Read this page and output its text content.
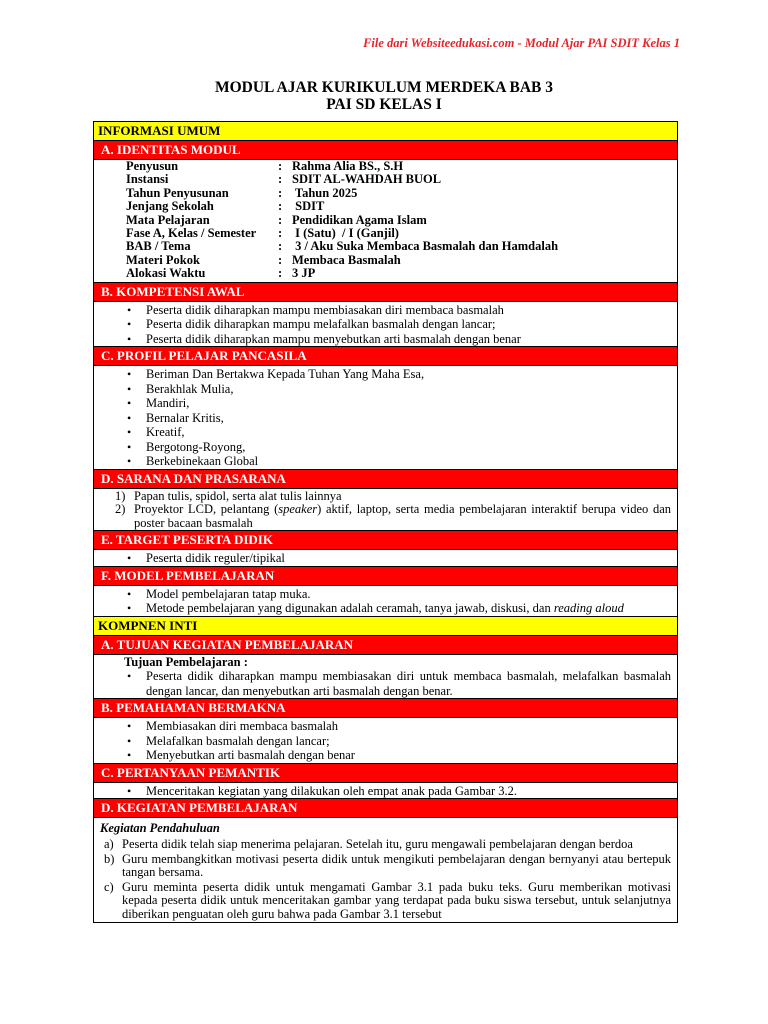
File dari Websiteedukasi.com - Modul Ajar PAI SDIT Kelas 1
MODUL AJAR KURIKULUM MERDEKA BAB 3
PAI SD KELAS I
INFORMASI UMUM
A. IDENTITAS MODUL
Penyusun	: Rahma Alia BS., S.H
Instansi	: SDIT AL-WAHDAH BUOL
Tahun Penyusunan	: Tahun 2025
Jenjang Sekolah	: SDIT
Mata Pelajaran	: Pendidikan Agama Islam
Fase A, Kelas / Semester	: I (Satu)  / I (Ganjil)
BAB / Tema	: 3 / Aku Suka Membaca Basmalah dan Hamdalah
Materi Pokok	: Membaca Basmalah
Alokasi Waktu	: 3 JP
B. KOMPETENSI AWAL
• Peserta didik diharapkan mampu membiasakan diri membaca basmalah
• Peserta didik diharapkan mampu melafalkan basmalah dengan lancar;
• Peserta didik diharapkan mampu menyebutkan arti basmalah dengan benar
C. PROFIL PELAJAR PANCASILA
• Beriman Dan Bertakwa Kepada Tuhan Yang Maha Esa,
• Berakhlak Mulia,
• Mandiri,
• Bernalar Kritis,
• Kreatif,
• Bergotong-Royong,
• Berkebinekaan Global
D. SARANA DAN PRASARANA
1) Papan tulis, spidol, serta alat tulis lainnya
2) Proyektor LCD, pelantang (speaker) aktif, laptop, serta media pembelajaran interaktif berupa video dan poster bacaan basmalah
E. TARGET PESERTA DIDIK
• Peserta didik reguler/tipikal
F. MODEL PEMBELAJARAN
• Model pembelajaran tatap muka.
• Metode pembelajaran yang digunakan adalah ceramah, tanya jawab, diskusi, dan reading aloud
KOMPNEN INTI
A. TUJUAN KEGIATAN PEMBELAJARAN
Tujuan Pembelajaran :
• Peserta didik diharapkan mampu membiasakan diri untuk membaca basmalah, melafalkan basmalah dengan lancar, dan menyebutkan arti basmalah dengan benar.
B. PEMAHAMAN BERMAKNA
• Membiasakan diri membaca basmalah
• Melafalkan basmalah dengan lancar;
• Menyebutkan arti basmalah dengan benar
C. PERTANYAAN PEMANTIK
• Menceritakan kegiatan yang dilakukan oleh empat anak pada Gambar 3.2.
D. KEGIATAN PEMBELAJARAN
Kegiatan Pendahuluan
a) Peserta didik telah siap menerima pelajaran. Setelah itu, guru mengawali pembelajaran dengan berdoa
b) Guru membangkitkan motivasi peserta didik untuk mengikuti pembelajaran dengan bernyanyi atau bertepuk tangan bersama.
c) Guru meminta peserta didik untuk mengamati Gambar 3.1 pada buku teks. Guru memberikan motivasi kepada peserta didik untuk menceritakan gambar yang terdapat pada buku siswa tersebut, untuk selanjutnya diberikan penguatan oleh guru bahwa pada Gambar 3.1 tersebut
